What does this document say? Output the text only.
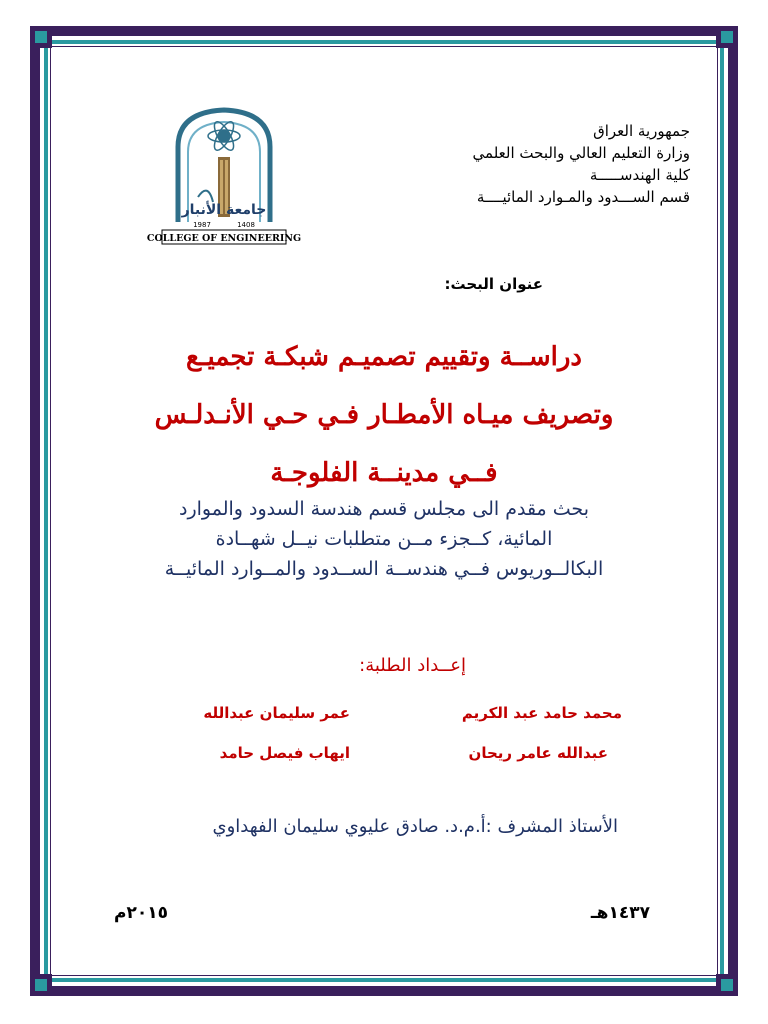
جمهورية العراق
وزارة التعليم العالي والبحث العلمي
كلية الهندســـــة
قسم الســـدود والمـوارد المائيــــة
جامعة الأنبار
1987	1408
COLLEGE OF ENGINEERING
عنوان البحث:
دراســة وتقييم تصميـم شبكـة تجميـع
وتصريف ميـاه الأمطـار فـي حـي الأنـدلـس
فــي مدينــة الفلوجـة
بحث مقدم الى مجلس قسم هندسة السدود والموارد
المائية، كــجزء مــن متطلبات نيــل شهــادة
البكالــوريوس فــي هندســة الســدود والمــوارد المائيــة
إعــداد الطلبة:
محمد حامد عبد الكريم
عمر سليمان عبدالله
عبدالله عامر ريحان
ايهاب فيصل حامد
الأستاذ المشرف :أ.م.د. صادق عليوي سليمان الفهداوي
١٤٣٧هـ
٢٠١٥م
